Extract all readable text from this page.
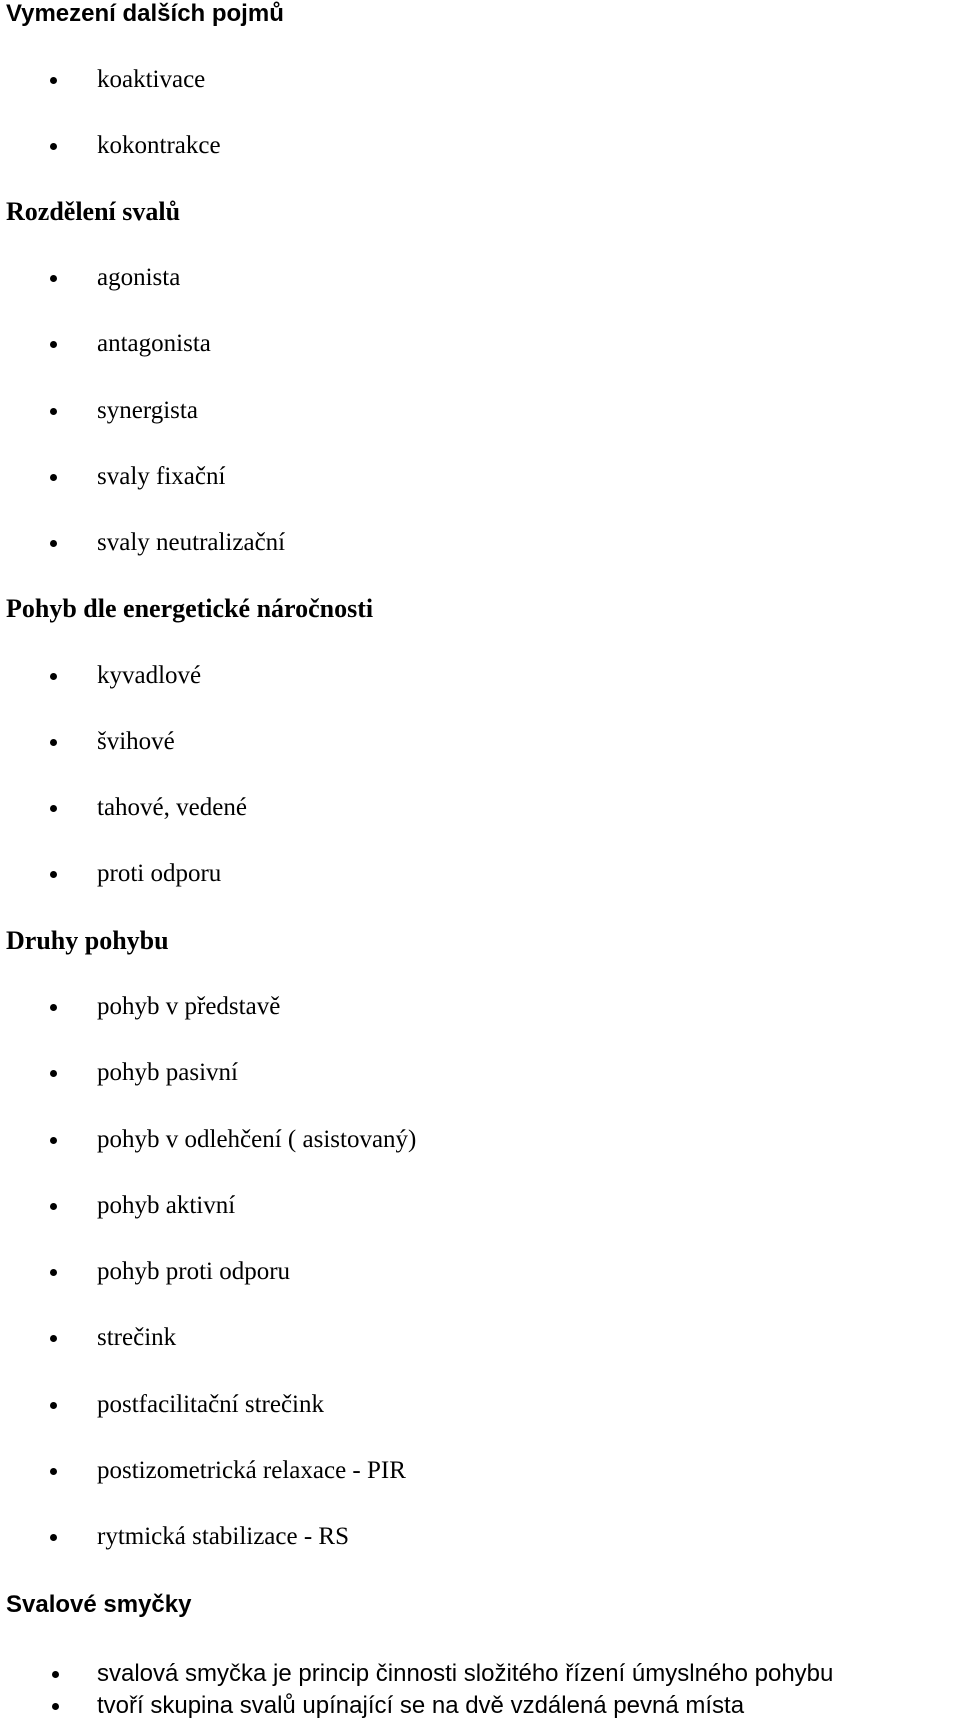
Vymezení dalších pojmů
koaktivace
kokontrakce
Rozdělení svalů
agonista
antagonista
synergista
svaly fixační
svaly neutralizační
Pohyb dle energetické náročnosti
kyvadlové
švihové
tahové, vedené
proti odporu
Druhy pohybu
pohyb v představě
pohyb pasivní
pohyb v odlehčení ( asistovaný)
pohyb aktivní
pohyb proti odporu
strečink
postfacilitační strečink
postizometrická relaxace - PIR
rytmická stabilizace - RS
Svalové smyčky
svalová smyčka je princip činnosti složitého řízení úmyslného pohybu
tvoří skupina svalů upínající se na dvě vzdálená pevná místa
